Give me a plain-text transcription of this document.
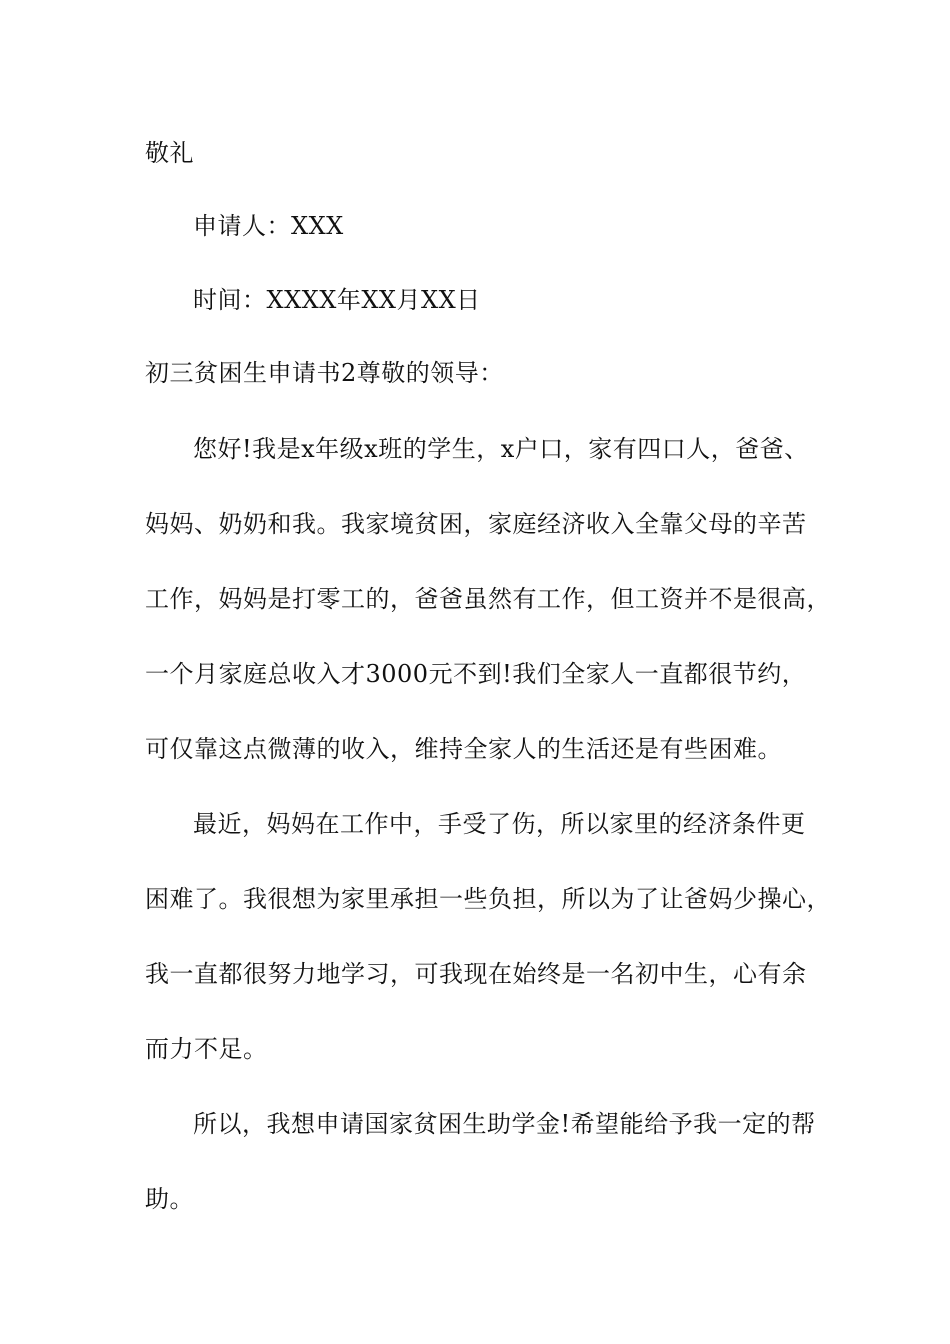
敬礼
申请人：XXX
时间：XXXX年XX月XX日
初三贫困生申请书2尊敬的领导：
您好!我是x年级x班的学生，x户口，家有四口人，爸爸、
妈妈、奶奶和我。我家境贫困，家庭经济收入全靠父母的辛苦
工作，妈妈是打零工的，爸爸虽然有工作，但工资并不是很高，
一个月家庭总收入才3000元不到!我们全家人一直都很节约，
可仅靠这点微薄的收入，维持全家人的生活还是有些困难。
最近，妈妈在工作中，手受了伤，所以家里的经济条件更
困难了。我很想为家里承担一些负担，所以为了让爸妈少操心，
我一直都很努力地学习，可我现在始终是一名初中生，心有余
而力不足。
所以，我想申请国家贫困生助学金!希望能给予我一定的帮
助。
